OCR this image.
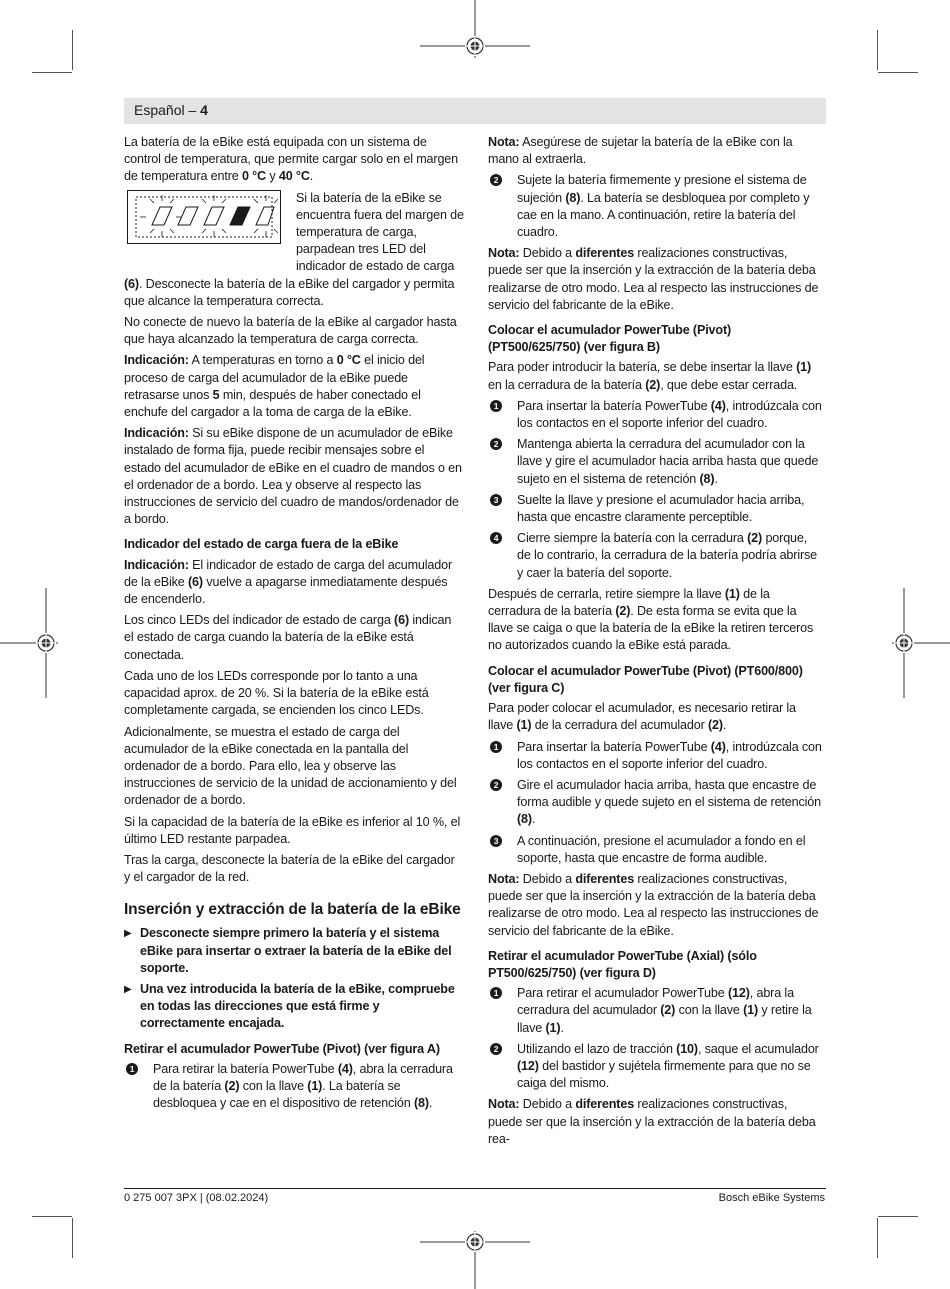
Español – 4

La batería de la eBike está equipada con un sistema de control de temperatura, que permite cargar solo en el margen de temperatura entre 0 °C y 40 °C.

Si la batería de la eBike se encuentra fuera del margen de temperatura de carga, parpadean tres LED del indicador de estado de carga (6). Desconecte la batería de la eBike del cargador y permita que alcance la temperatura correcta.

No conecte de nuevo la batería de la eBike al cargador hasta que haya alcanzado la temperatura de carga correcta.

Indicación: A temperaturas en torno a 0 °C el inicio del proceso de carga del acumulador de la eBike puede retrasarse unos 5 min, después de haber conectado el enchufe del cargador a la toma de carga de la eBike.

Indicación: Si su eBike dispone de un acumulador de eBike instalado de forma fija, puede recibir mensajes sobre el estado del acumulador de eBike en el cuadro de mandos o en el ordenador de a bordo. Lea y observe al respecto las instrucciones de servicio del cuadro de mandos/ordenador de a bordo.

Indicador del estado de carga fuera de la eBike

Indicación: El indicador de estado de carga del acumulador de la eBike (6) vuelve a apagarse inmediatamente después de encenderlo.

Los cinco LEDs del indicador de estado de carga (6) indican el estado de carga cuando la batería de la eBike está conectada.

Cada uno de los LEDs corresponde por lo tanto a una capacidad aprox. de 20 %. Si la batería de la eBike está completamente cargada, se encienden los cinco LEDs.

Adicionalmente, se muestra el estado de carga del acumulador de la eBike conectada en la pantalla del ordenador de a bordo. Para ello, lea y observe las instrucciones de servicio de la unidad de accionamiento y del ordenador de a bordo.

Si la capacidad de la batería de la eBike es inferior al 10 %, el último LED restante parpadea.

Tras la carga, desconecte la batería de la eBike del cargador y el cargador de la red.

Inserción y extracción de la batería de la eBike
▶ Desconecte siempre primero la batería y el sistema eBike para insertar o extraer la batería de la eBike del soporte.
▶ Una vez introducida la batería de la eBike, compruebe en todas las direcciones que está firme y correctamente encajada.
Retirar el acumulador PowerTube (Pivot) (ver figura A)
1 Para retirar la batería PowerTube (4), abra la cerradura de la batería (2) con la llave (1). La batería se desbloquea y cae en el dispositivo de retención (8).

Nota: Asegúrese de sujetar la batería de la eBike con la mano al extraerla.

2 Sujete la batería firmemente y presione el sistema de sujeción (8). La batería se desbloquea por completo y cae en la mano. A continuación, retire la batería del cuadro.

Nota: Debido a diferentes realizaciones constructivas, puede ser que la inserción y la extracción de la batería deba realizarse de otro modo. Lea al respecto las instrucciones de servicio del fabricante de la eBike.

Colocar el acumulador PowerTube (Pivot) (PT500/625/750) (ver figura B)

Para poder introducir la batería, se debe insertar la llave (1) en la cerradura de la batería (2), que debe estar cerrada.

1 Para insertar la batería PowerTube (4), introdúzcala con los contactos en el soporte inferior del cuadro.
2 Mantenga abierta la cerradura del acumulador con la llave y gire el acumulador hacia arriba hasta que quede sujeto en el sistema de retención (8).
3 Suelte la llave y presione el acumulador hacia arriba, hasta que encastre claramente perceptible.
4 Cierre siempre la batería con la cerradura (2) porque, de lo contrario, la cerradura de la batería podría abrirse y caer la batería del soporte.

Después de cerrarla, retire siempre la llave (1) de la cerradura de la batería (2). De esta forma se evita que la llave se caiga o que la batería de la eBike la retiren terceros no autorizados cuando la eBike está parada.

Colocar el acumulador PowerTube (Pivot) (PT600/800) (ver figura C)

Para poder colocar el acumulador, es necesario retirar la llave (1) de la cerradura del acumulador (2).

1 Para insertar la batería PowerTube (4), introdúzcala con los contactos en el soporte inferior del cuadro.
2 Gire el acumulador hacia arriba, hasta que encastre de forma audible y quede sujeto en el sistema de retención (8).
3 A continuación, presione el acumulador a fondo en el soporte, hasta que encastre de forma audible.

Nota: Debido a diferentes realizaciones constructivas, puede ser que la inserción y la extracción de la batería deba realizarse de otro modo. Lea al respecto las instrucciones de servicio del fabricante de la eBike.

Retirar el acumulador PowerTube (Axial) (sólo PT500/625/750) (ver figura D)
1 Para retirar el acumulador PowerTube (12), abra la cerradura del acumulador (2) con la llave (1) y retire la llave (1).
2 Utilizando el lazo de tracción (10), saque el acumulador (12) del bastidor y sujétela firmemente para que no se caiga del mismo.

Nota: Debido a diferentes realizaciones constructivas, puede ser que la inserción y la extracción de la batería deba rea-

0 275 007 3PX | (08.02.2024)	Bosch eBike Systems
